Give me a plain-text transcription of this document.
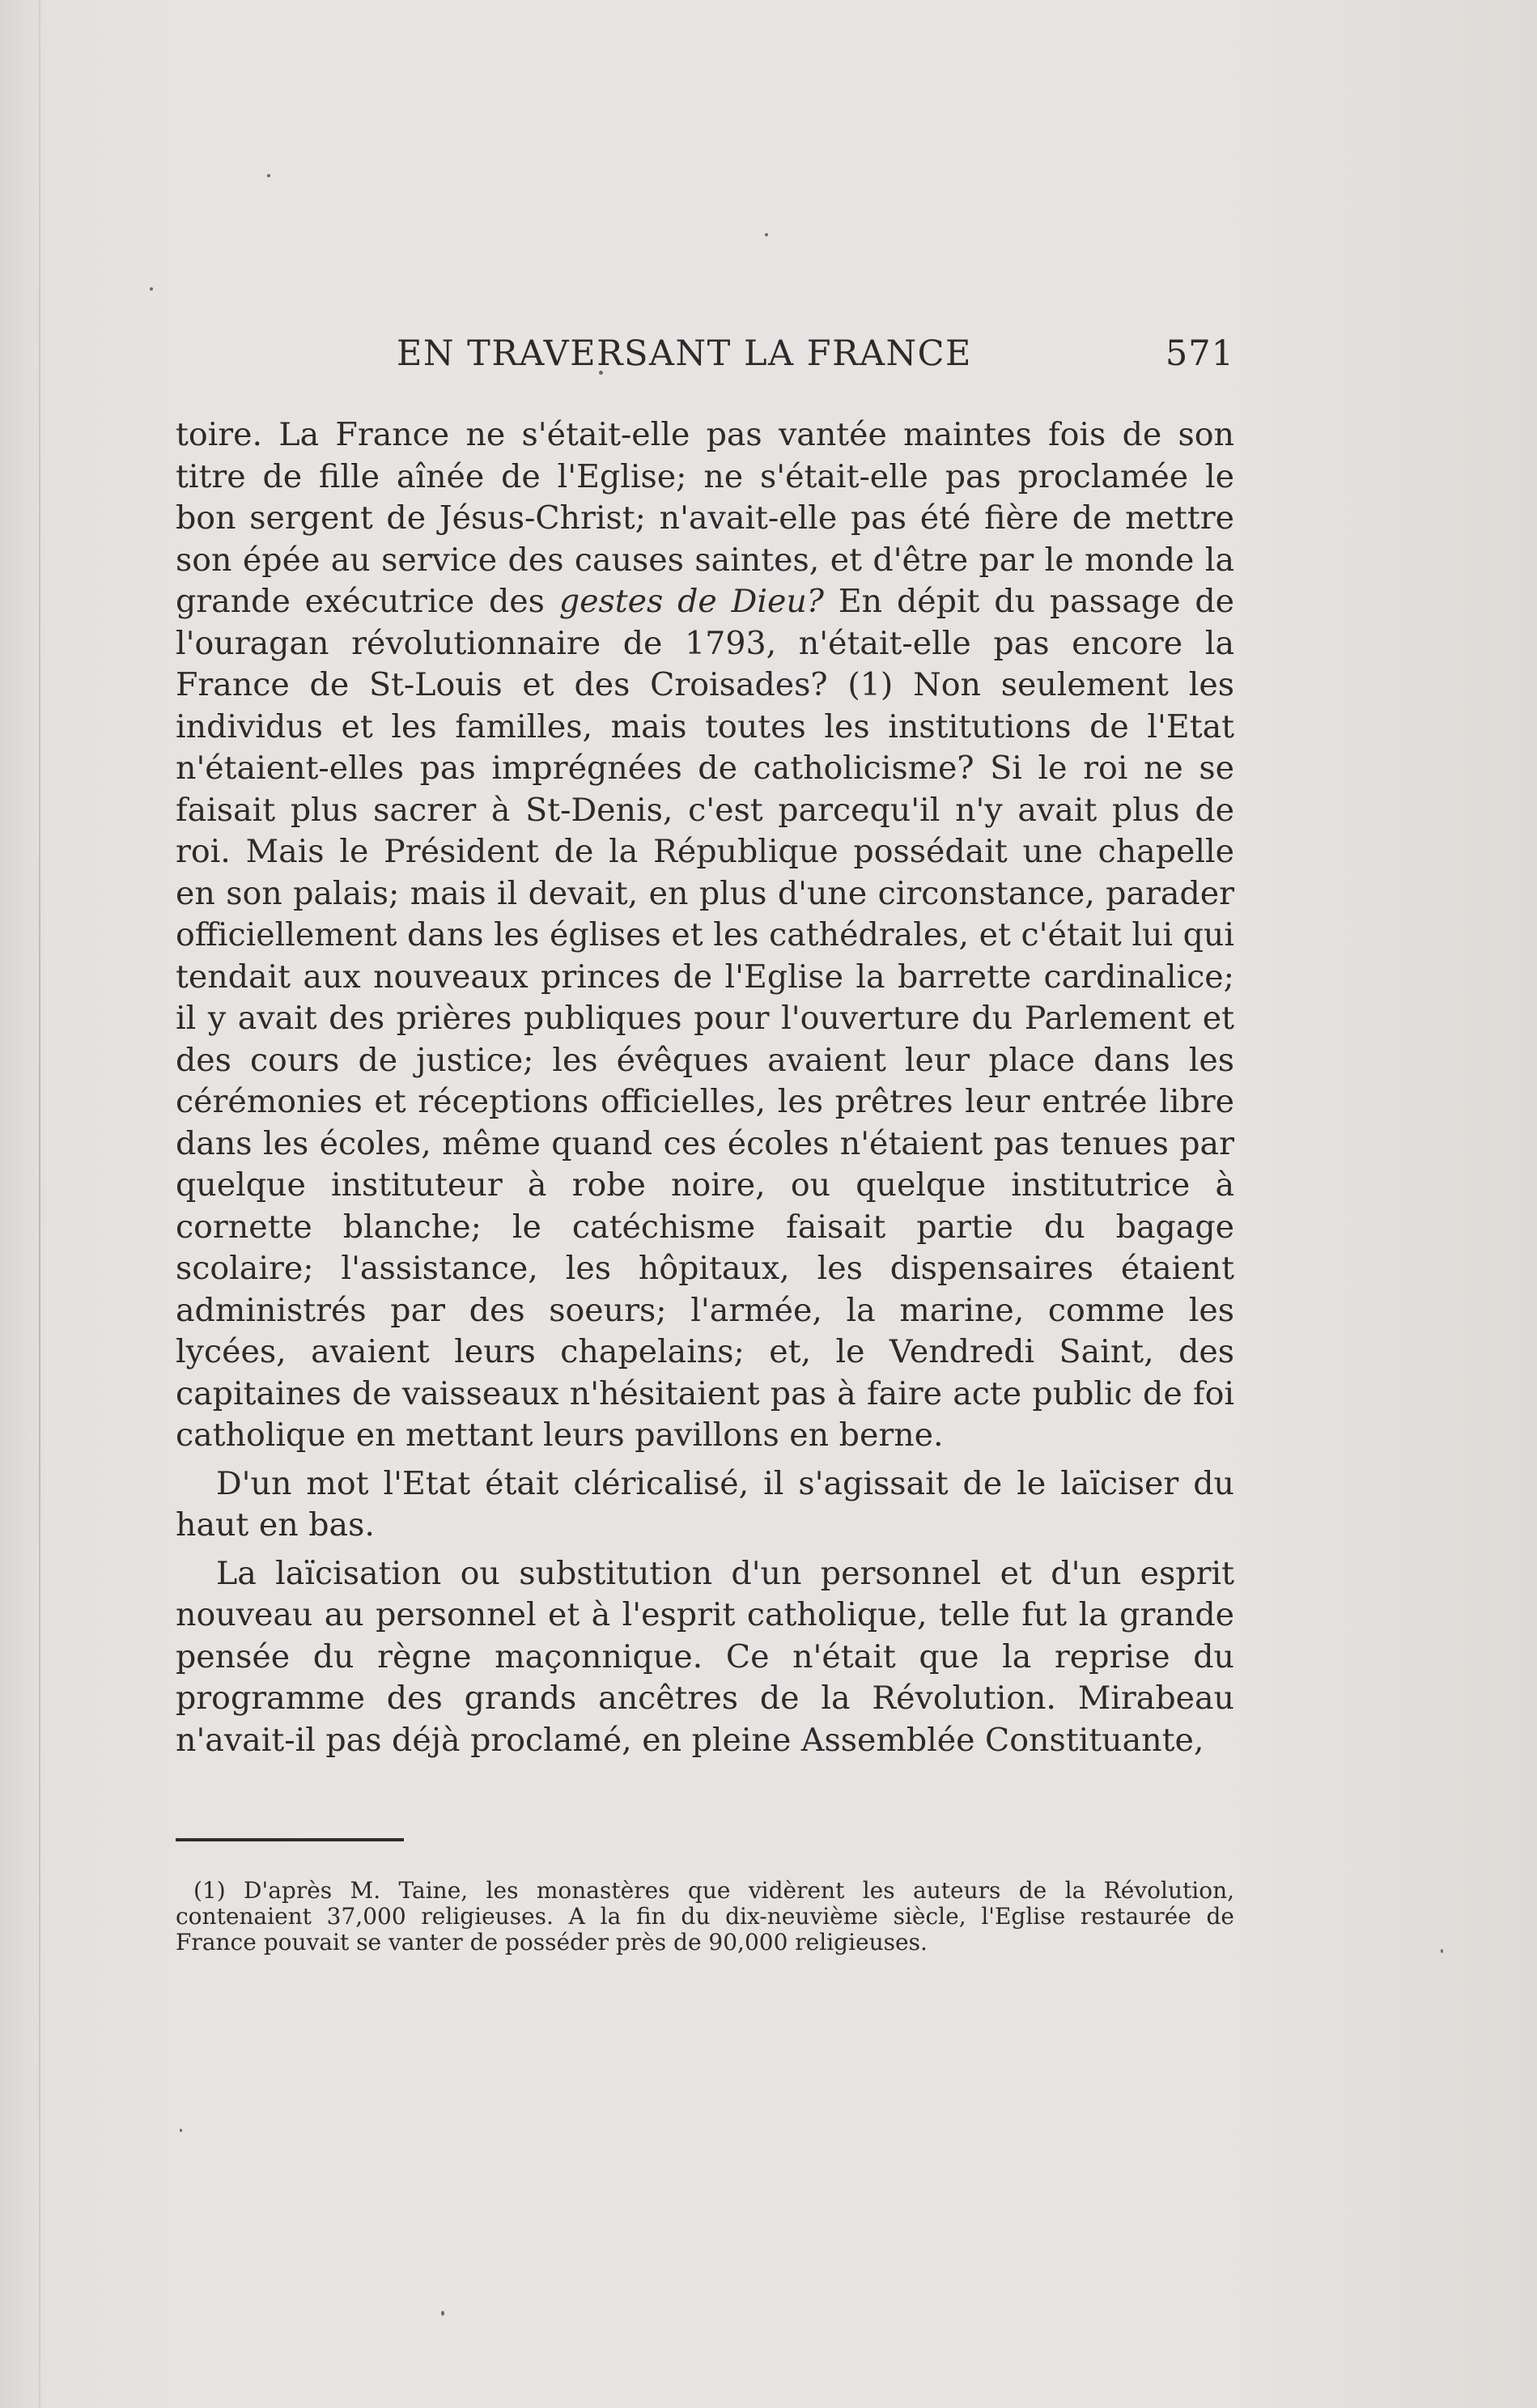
EN TRAVERSANT LA FRANCE	571

toire. La France ne s'était-elle pas vantée maintes fois de son titre de fille aînée de l'Eglise; ne s'était-elle pas proclamée le bon sergent de Jésus-Christ; n'avait-elle pas été fière de mettre son épée au service des causes saintes, et d'être par le monde la grande exécutrice des gestes de Dieu? En dépit du passage de l'ouragan révolutionnaire de 1793, n'était-elle pas encore la France de St-Louis et des Croisades? (1) Non seulement les individus et les familles, mais toutes les institutions de l'Etat n'étaient-elles pas imprégnées de catholicisme? Si le roi ne se faisait plus sacrer à St-Denis, c'est parcequ'il n'y avait plus de roi. Mais le Président de la République possédait une chapelle en son palais; mais il devait, en plus d'une circonstance, parader officiellement dans les églises et les cathédrales, et c'était lui qui tendait aux nouveaux princes de l'Eglise la barrette cardinalice; il y avait des prières publiques pour l'ouverture du Parlement et des cours de justice; les évêques avaient leur place dans les cérémonies et réceptions officielles, les prêtres leur entrée libre dans les écoles, même quand ces écoles n'étaient pas tenues par quelque instituteur à robe noire, ou quelque institutrice à cornette blanche; le catéchisme faisait partie du bagage scolaire; l'assistance, les hôpitaux, les dispensaires étaient administrés par des soeurs; l'armée, la marine, comme les lycées, avaient leurs chapelains; et, le Vendredi Saint, des capitaines de vaisseaux n'hésitaient pas à faire acte public de foi catholique en mettant leurs pavillons en berne.

D'un mot l'Etat était cléricalisé, il s'agissait de le laïciser du haut en bas.

La laïcisation ou substitution d'un personnel et d'un esprit nouveau au personnel et à l'esprit catholique, telle fut la grande pensée du règne maçonnique. Ce n'était que la reprise du programme des grands ancêtres de la Révolution. Mirabeau n'avait-il pas déjà proclamé, en pleine Assemblée Constituante,

(1) D'après M. Taine, les monastères que vidèrent les auteurs de la Révolution, contenaient 37,000 religieuses. A la fin du dix-neuvième siècle, l'Eglise restaurée de France pouvait se vanter de posséder près de 90,000 religieuses.
